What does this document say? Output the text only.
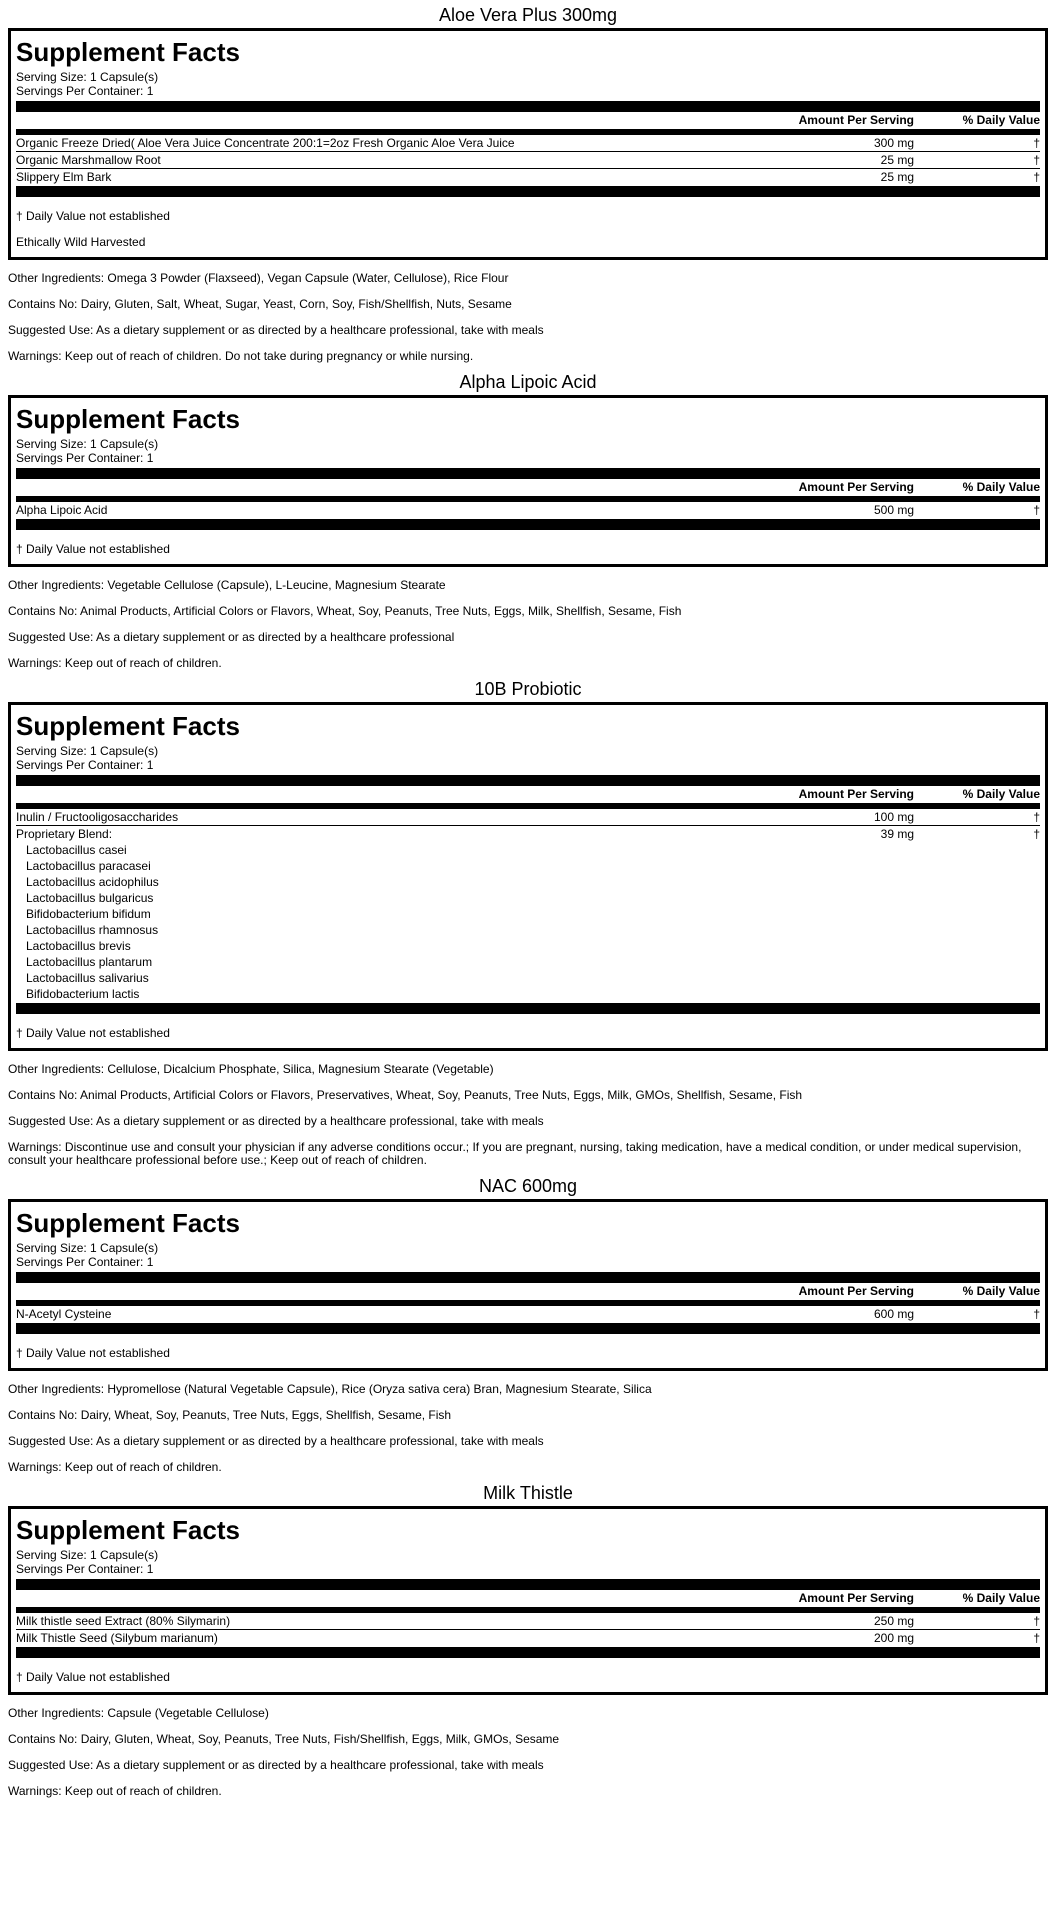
Aloe Vera Plus 300mg
Supplement Facts
Serving Size: 1 Capsule(s)
Servings Per Container: 1
Amount Per Serving	% Daily Value
Organic Freeze Dried( Aloe Vera Juice Concentrate 200:1=2oz Fresh Organic Aloe Vera Juice	300 mg	†
Organic Marshmallow Root	25 mg	†
Slippery Elm Bark	25 mg	†
† Daily Value not established
Ethically Wild Harvested

Other Ingredients: Omega 3 Powder (Flaxseed), Vegan Capsule (Water, Cellulose), Rice Flour

Contains No: Dairy, Gluten, Salt, Wheat, Sugar, Yeast, Corn, Soy, Fish/Shellfish, Nuts, Sesame

Suggested Use: As a dietary supplement or as directed by a healthcare professional, take with meals

Warnings: Keep out of reach of children. Do not take during pregnancy or while nursing.

Alpha Lipoic Acid
Supplement Facts
Serving Size: 1 Capsule(s)
Servings Per Container: 1
Amount Per Serving	% Daily Value
Alpha Lipoic Acid	500 mg	†
† Daily Value not established

Other Ingredients: Vegetable Cellulose (Capsule), L-Leucine, Magnesium Stearate

Contains No: Animal Products, Artificial Colors or Flavors, Wheat, Soy, Peanuts, Tree Nuts, Eggs, Milk, Shellfish, Sesame, Fish

Suggested Use: As a dietary supplement or as directed by a healthcare professional

Warnings: Keep out of reach of children.

10B Probiotic
Supplement Facts
Serving Size: 1 Capsule(s)
Servings Per Container: 1
Amount Per Serving	% Daily Value
Inulin / Fructooligosaccharides	100 mg	†
Proprietary Blend:	39 mg	†
Lactobacillus casei
Lactobacillus paracasei
Lactobacillus acidophilus
Lactobacillus bulgaricus
Bifidobacterium bifidum
Lactobacillus rhamnosus
Lactobacillus brevis
Lactobacillus plantarum
Lactobacillus salivarius
Bifidobacterium lactis
† Daily Value not established

Other Ingredients: Cellulose, Dicalcium Phosphate, Silica, Magnesium Stearate (Vegetable)

Contains No: Animal Products, Artificial Colors or Flavors, Preservatives, Wheat, Soy, Peanuts, Tree Nuts, Eggs, Milk, GMOs, Shellfish, Sesame, Fish

Suggested Use: As a dietary supplement or as directed by a healthcare professional, take with meals

Warnings: Discontinue use and consult your physician if any adverse conditions occur.; If you are pregnant, nursing, taking medication, have a medical condition, or under medical supervision, consult your healthcare professional before use.; Keep out of reach of children.

NAC 600mg
Supplement Facts
Serving Size: 1 Capsule(s)
Servings Per Container: 1
Amount Per Serving	% Daily Value
N-Acetyl Cysteine	600 mg	†
† Daily Value not established

Other Ingredients: Hypromellose (Natural Vegetable Capsule), Rice (Oryza sativa cera) Bran, Magnesium Stearate, Silica

Contains No: Dairy, Wheat, Soy, Peanuts, Tree Nuts, Eggs, Shellfish, Sesame, Fish

Suggested Use: As a dietary supplement or as directed by a healthcare professional, take with meals

Warnings: Keep out of reach of children.

Milk Thistle
Supplement Facts
Serving Size: 1 Capsule(s)
Servings Per Container: 1
Amount Per Serving	% Daily Value
Milk thistle seed Extract (80% Silymarin)	250 mg	†
Milk Thistle Seed (Silybum marianum)	200 mg	†
† Daily Value not established

Other Ingredients: Capsule (Vegetable Cellulose)

Contains No: Dairy, Gluten, Wheat, Soy, Peanuts, Tree Nuts, Fish/Shellfish, Eggs, Milk, GMOs, Sesame

Suggested Use: As a dietary supplement or as directed by a healthcare professional, take with meals

Warnings: Keep out of reach of children.
